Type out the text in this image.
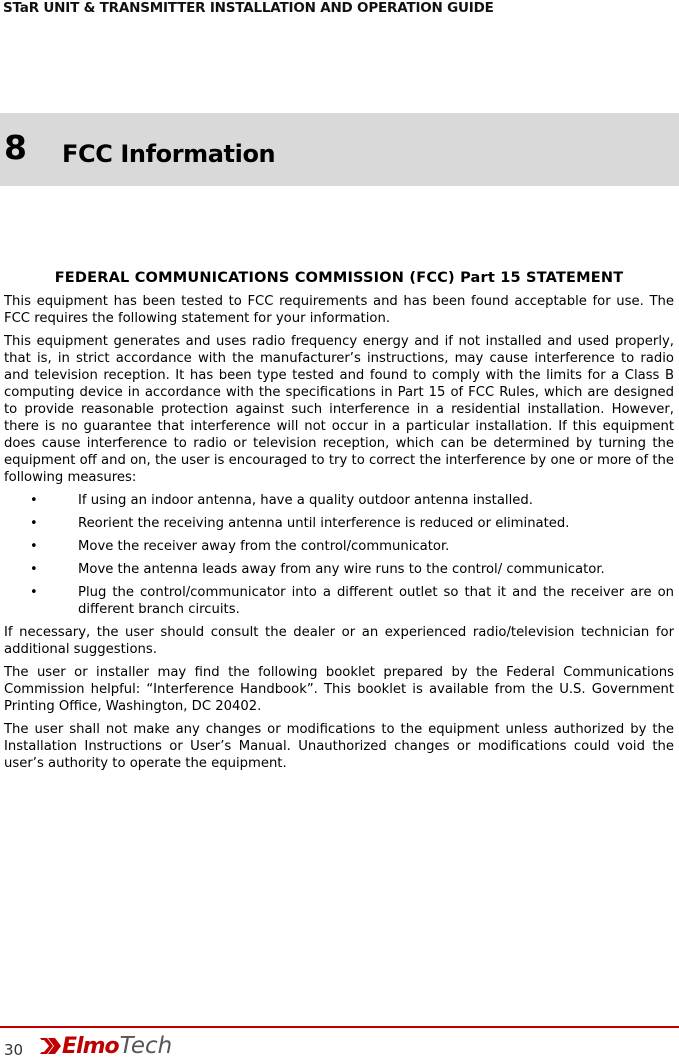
STaR UNIT & TRANSMITTER INSTALLATION AND OPERATION GUIDE
8 FCC Information
FEDERAL COMMUNICATIONS COMMISSION (FCC) Part 15 STATEMENT

This equipment has been tested to FCC requirements and has been found acceptable for use. The FCC requires the following statement for your information.

This equipment generates and uses radio frequency energy and if not installed and used properly, that is, in strict accordance with the manufacturer’s instructions, may cause interference to radio and television reception. It has been type tested and found to comply with the limits for a Class B computing device in accordance with the specifications in Part 15 of FCC Rules, which are designed to provide reasonable protection against such interference in a residential installation. However, there is no guarantee that interference will not occur in a particular installation. If this equipment does cause interference to radio or television reception, which can be determined by turning the equipment off and on, the user is encouraged to try to correct the interference by one or more of the following measures:

•	If using an indoor antenna, have a quality outdoor antenna installed.
•	Reorient the receiving antenna until interference is reduced or eliminated.
•	Move the receiver away from the control/communicator.
•	Move the antenna leads away from any wire runs to the control/ communicator.
•	Plug the control/communicator into a different outlet so that it and the receiver are on different branch circuits.

If necessary, the user should consult the dealer or an experienced radio/television technician for additional suggestions.

The user or installer may find the following booklet prepared by the Federal Communications Commission helpful: “Interference Handbook”. This booklet is available from the U.S. Government Printing Office, Washington, DC 20402.

The user shall not make any changes or modifications to the equipment unless authorized by the Installation Instructions or User’s Manual. Unauthorized changes or modifications could void the user’s authority to operate the equipment.

30 Elmo Tech
